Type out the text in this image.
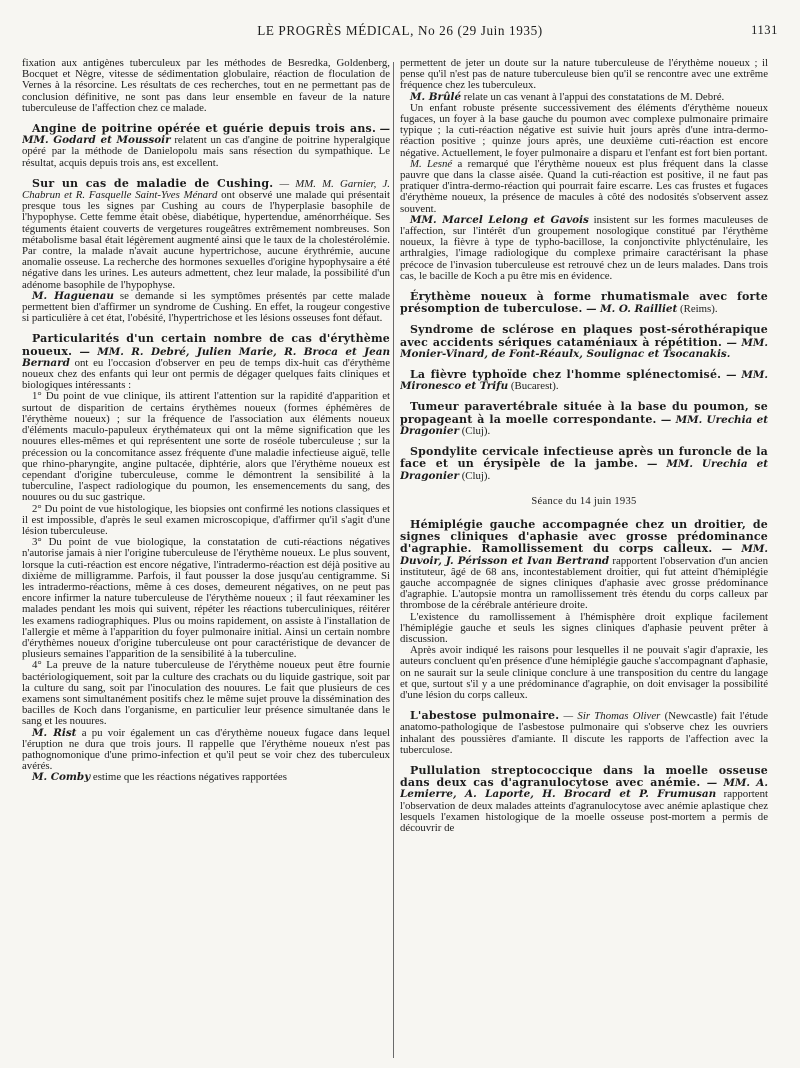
LE PROGRÈS MÉDICAL, No 26 (29 Juin 1935)	1131

fixation aux antigènes tuberculeux par les méthodes de Besredka, Goldenberg, Bocquet et Nègre, vitesse de sédimentation globulaire, réaction de floculation de Vernes à la résorcine. Les résultats de ces recherches, tout en ne permettant pas de conclusion définitive, ne sont pas dans leur ensemble en faveur de la nature tuberculeuse de l'affection chez ce malade.

Angine de poitrine opérée et guérie depuis trois ans. — MM. Godard et Moussoir relatent un cas d'angine de poitrine hyperalgique opéré par la méthode de Danielopolu mais sans résection du sympathique. Le résultat, acquis depuis trois ans, est excellent.

Sur un cas de maladie de Cushing. — MM. M. Garnier, J. Chabrun et R. Fasquelle Saint-Yves Ménard ont observé une malade qui présentait presque tous les signes par Cushing au cours de l'hyperplasie basophile de l'hypophyse. Cette femme était obèse, diabétique, hypertendue, aménorrhéique. Ses téguments étaient couverts de vergetures rougeâtres extrêmement nombreuses. Son métabolisme basal était légèrement augmenté ainsi que le taux de la cholestérolémie. Par contre, la malade n'avait aucune hypertrichose, aucune érythrémie, aucune anomalie osseuse. La recherche des hormones sexuelles d'origine hypophysaire a été négative dans les urines. Les auteurs admettent, chez leur malade, la possibilité d'un adénome basophile de l'hypophyse.

M. Haguenau se demande si les symptômes présentés par cette malade permettent bien d'affirmer un syndrome de Cushing. En effet, la rougeur congestive si particulière à cet état, l'obésité, l'hypertrichose et les lésions osseuses font défaut.

Particularités d'un certain nombre de cas d'érythème noueux. — MM. R. Debré, Julien Marie, R. Broca et Jean Bernard ont eu l'occasion d'observer en peu de temps dix-huit cas d'érythème noueux chez des enfants qui leur ont permis de dégager quelques faits cliniques et biologiques intéressants :

1° Du point de vue clinique, ils attirent l'attention sur la rapidité d'apparition et surtout de disparition de certains érythèmes noueux (formes éphémères de l'érythème noueux) ; sur la fréquence de l'association aux éléments noueux d'éléments maculo-papuleux érythémateux qui ont la même signification que les nouures elles-mêmes et qui représentent une sorte de roséole tuberculeuse ; sur la précession ou la concomitance assez fréquente d'une maladie infectieuse aiguë, telle que rhino-pharyngite, angine pultacée, diphtérie, alors que l'érythème noueux est cependant d'origine tuberculeuse, comme le démontrent la sensibilité à la tuberculine, l'aspect radiologique du poumon, les ensemencements du sang, des nouures ou du suc gastrique.

2° Du point de vue histologique, les biopsies ont confirmé les notions classiques et il est impossible, d'après le seul examen microscopique, d'affirmer qu'il s'agit d'une lésion tuberculeuse.

3° Du point de vue biologique, la constatation de cuti-réactions négatives n'autorise jamais à nier l'origine tuberculeuse de l'érythème noueux. Le plus souvent, lorsque la cuti-réaction est encore négative, l'intradermo-réaction est déjà positive au dixième de milligramme. Parfois, il faut pousser la dose jusqu'au centigramme. Si les intradermo-réactions, même à ces doses, demeurent négatives, on ne peut pas encore infirmer la nature tuberculeuse de l'érythème noueux ; il faut réexaminer les malades pendant les mois qui suivent, répéter les réactions tuberculiniques, réitérer les examens radiographiques. Plus ou moins rapidement, on assiste à l'installation de l'allergie et même à l'apparition du foyer pulmonaire initial. Ainsi un certain nombre d'érythèmes noueux d'origine tuberculeuse ont pour caractéristique de devancer de plusieurs semaines l'apparition de la sensibilité à la tuberculine.

4° La preuve de la nature tuberculeuse de l'érythème noueux peut être fournie bactériologiquement, soit par la culture des crachats ou du liquide gastrique, soit par la culture du sang, soit par l'inoculation des nouures. Le fait que plusieurs de ces examens sont simultanément positifs chez le même sujet prouve la dissémination des bacilles de Koch dans l'organisme, en particulier leur présence simultanée dans le sang et les nouures.

M. Rist a pu voir également un cas d'érythème noueux fugace dans lequel l'éruption ne dura que trois jours. Il rappelle que l'érythème noueux n'est pas pathognomonique d'une primo-infection et qu'il peut se voir chez des tuberculeux avérés.

M. Comby estime que les réactions négatives rapportées

permettent de jeter un doute sur la nature tuberculeuse de l'érythème noueux ; il pense qu'il n'est pas de nature tuberculeuse bien qu'il se rencontre avec une extrême fréquence chez les tuberculeux.

M. Brûlé relate un cas venant à l'appui des constatations de M. Debré.

Un enfant robuste présente successivement des éléments d'érythème noueux fugaces, un foyer à la base gauche du poumon avec complexe pulmonaire primaire typique ; la cuti-réaction négative est suivie huit jours après d'une intra-dermo-réaction positive ; quinze jours après, une deuxième cuti-réaction est encore négative. Actuellement, le foyer pulmonaire a disparu et l'enfant est fort bien portant.

M. Lesné a remarqué que l'érythème noueux est plus fréquent dans la classe pauvre que dans la classe aisée. Quand la cuti-réaction est positive, il ne faut pas pratiquer d'intra-dermo-réaction qui pourrait faire escarre. Les cas frustes et fugaces d'érythème noueux, la présence de macules à côté des nodosités s'observent assez souvent.

MM. Marcel Lelong et Gavois insistent sur les formes maculeuses de l'affection, sur l'intérêt d'un groupement nosologique constitué par l'érythème noueux, la fièvre à type de typho-bacillose, la conjonctivite phlycténulaire, les arthralgies, l'image radiologique du complexe primaire caractérisant la phase précoce de l'invasion tuberculeuse est retrouvé chez un de leurs malades. Dans trois cas, le bacille de Koch a pu être mis en évidence.

Érythème noueux à forme rhumatismale avec forte présomption de tuberculose. — M. O. Railliet (Reims).

Syndrome de sclérose en plaques post-sérothérapique avec accidents sériques cataméniaux à répétition. — MM. Monier-Vinard, de Font-Réaulx, Soulignac et Tsocanakis.

La fièvre typhoïde chez l'homme splénectomisé. — MM. Mironesco et Trifu (Bucarest).

Tumeur paravertébrale située à la base du poumon, se propageant à la moelle correspondante. — MM. Urechia et Dragonier (Cluj).

Spondylite cervicale infectieuse après un furoncle de la face et un érysipèle de la jambe. — MM. Urechia et Dragonier (Cluj).

Séance du 14 juin 1935

Hémiplégie gauche accompagnée chez un droitier, de signes cliniques d'aphasie avec grosse prédominance d'agraphie. Ramollissement du corps calleux. — MM. Duvoir, J. Périsson et Ivan Bertrand rapportent l'observation d'un ancien instituteur, âgé de 68 ans, incontestablement droitier, qui fut atteint d'hémiplégie gauche accompagnée de signes cliniques d'aphasie avec grosse prédominance d'agraphie. L'autopsie montra un ramollissement très étendu du corps calleux par thrombose de la cérébrale antérieure droite.

L'existence du ramollissement à l'hémisphère droit explique facilement l'hémiplégie gauche et seuls les signes cliniques d'aphasie peuvent prêter à discussion.

Après avoir indiqué les raisons pour lesquelles il ne pouvait s'agir d'apraxie, les auteurs concluent qu'en présence d'une hémiplégie gauche s'accompagnant d'aphasie, on ne saurait sur la seule clinique conclure à une transposition du centre du langage et que, surtout s'il y a une prédominance d'agraphie, on doit envisager la possibilité d'une lésion du corps calleux.

L'abestose pulmonaire. — Sir Thomas Oliver (Newcastle) fait l'étude anatomo-pathologique de l'asbestose pulmonaire qui s'observe chez les ouvriers inhalant des poussières d'amiante. Il discute les rapports de l'affection avec la tuberculose.

Pullulation streptococcique dans la moelle osseuse dans deux cas d'agranulocytose avec anémie. — MM. A. Lemierre, A. Laporte, H. Brocard et P. Frumusan rapportent l'observation de deux malades atteints d'agranulocytose avec anémie aplastique chez lesquels l'examen histologique de la moelle osseuse post-mortem a permis de découvrir de
